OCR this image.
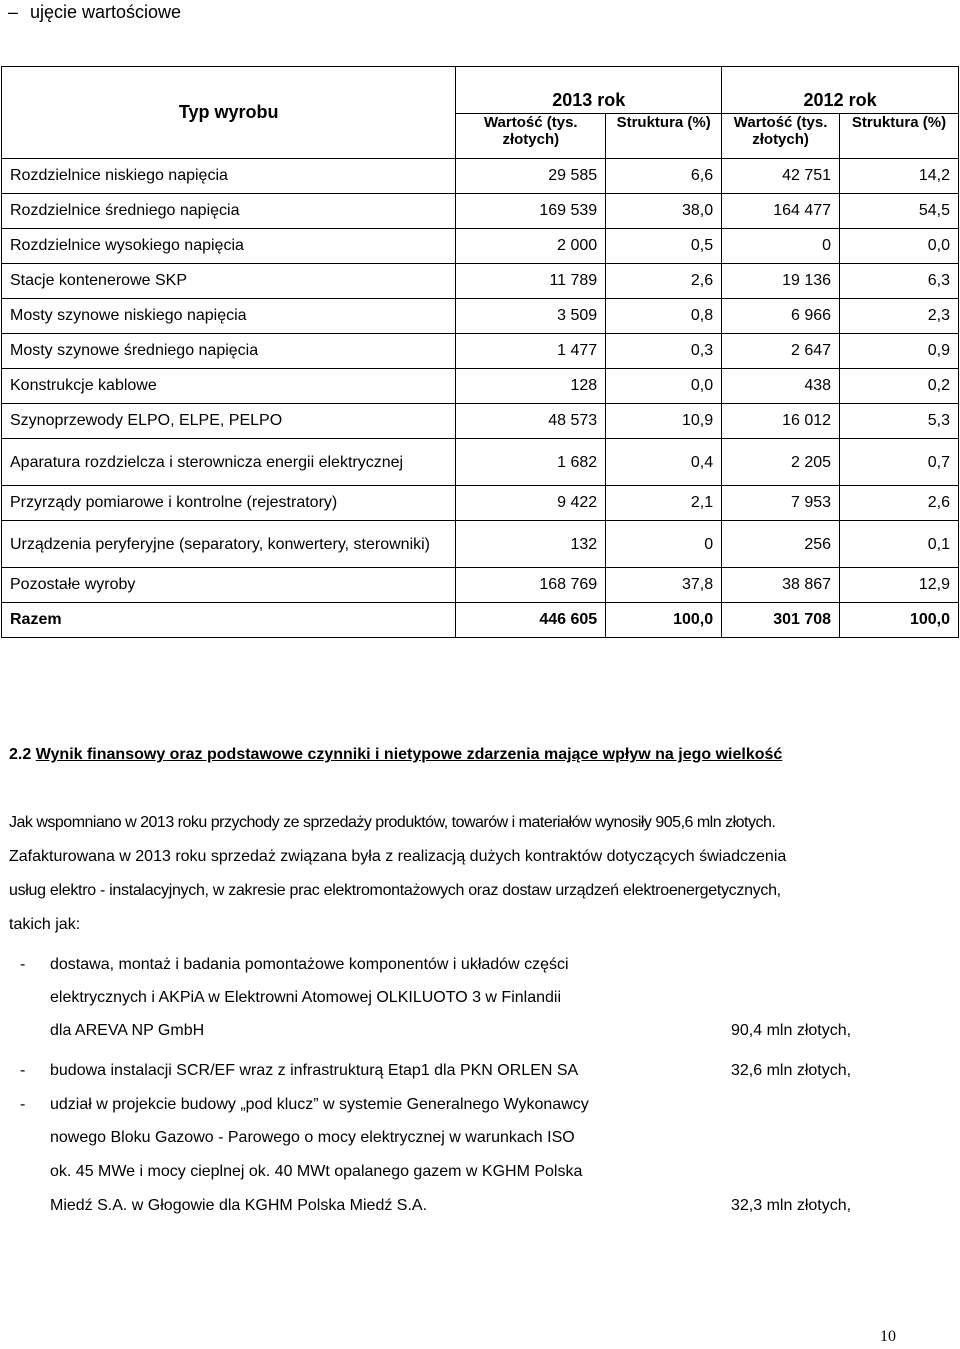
– ujęcie wartościowe
Typ wyrobu	2013 rok		2012 rok	
	Wartość (tys. złotych)	Struktura (%)	Wartość (tys. złotych)	Struktura (%)
Rozdzielnice niskiego napięcia	29 585	6,6	42 751	14,2
Rozdzielnice średniego napięcia	169 539	38,0	164 477	54,5
Rozdzielnice wysokiego napięcia	2 000	0,5	0	0,0
Stacje kontenerowe SKP	11 789	2,6	19 136	6,3
Mosty szynowe niskiego napięcia	3 509	0,8	6 966	2,3
Mosty szynowe średniego napięcia	1 477	0,3	2 647	0,9
Konstrukcje kablowe	128	0,0	438	0,2
Szynoprzewody ELPO, ELPE, PELPO	48 573	10,9	16 012	5,3
Aparatura rozdzielcza i sterownicza energii elektrycznej	1 682	0,4	2 205	0,7
Przyrządy pomiarowe i kontrolne (rejestratory)	9 422	2,1	7 953	2,6
Urządzenia peryferyjne (separatory, konwertery, sterowniki)	132	0	256	0,1
Pozostałe wyroby	168 769	37,8	38 867	12,9
Razem	446 605	100,0	301 708	100,0
2.2 Wynik finansowy oraz podstawowe czynniki i nietypowe zdarzenia mające wpływ na jego wielkość
Jak wspomniano w 2013 roku przychody ze sprzedaży produktów, towarów i materiałów wynosiły 905,6 mln złotych.
Zafakturowana w 2013 roku sprzedaż związana była z realizacją dużych kontraktów dotyczących świadczenia
usług elektro - instalacyjnych, w zakresie prac elektromontażowych oraz dostaw urządzeń elektroenergetycznych,
takich jak:
- dostawa, montaż i badania pomontażowe komponentów i układów części
elektrycznych i AKPiA w Elektrowni Atomowej OLKILUOTO 3 w Finlandii
dla AREVA NP GmbH	90,4 mln złotych,
- budowa instalacji SCR/EF wraz z infrastrukturą Etap1 dla PKN ORLEN SA	32,6 mln złotych,
- udział w projekcie budowy „pod klucz” w systemie Generalnego Wykonawcy
nowego Bloku Gazowo - Parowego o mocy elektrycznej w warunkach ISO
ok. 45 MWe i mocy cieplnej ok. 40 MWt opalanego gazem w KGHM Polska
Miedź S.A. w Głogowie dla KGHM Polska Miedź S.A.	32,3 mln złotych,
10
